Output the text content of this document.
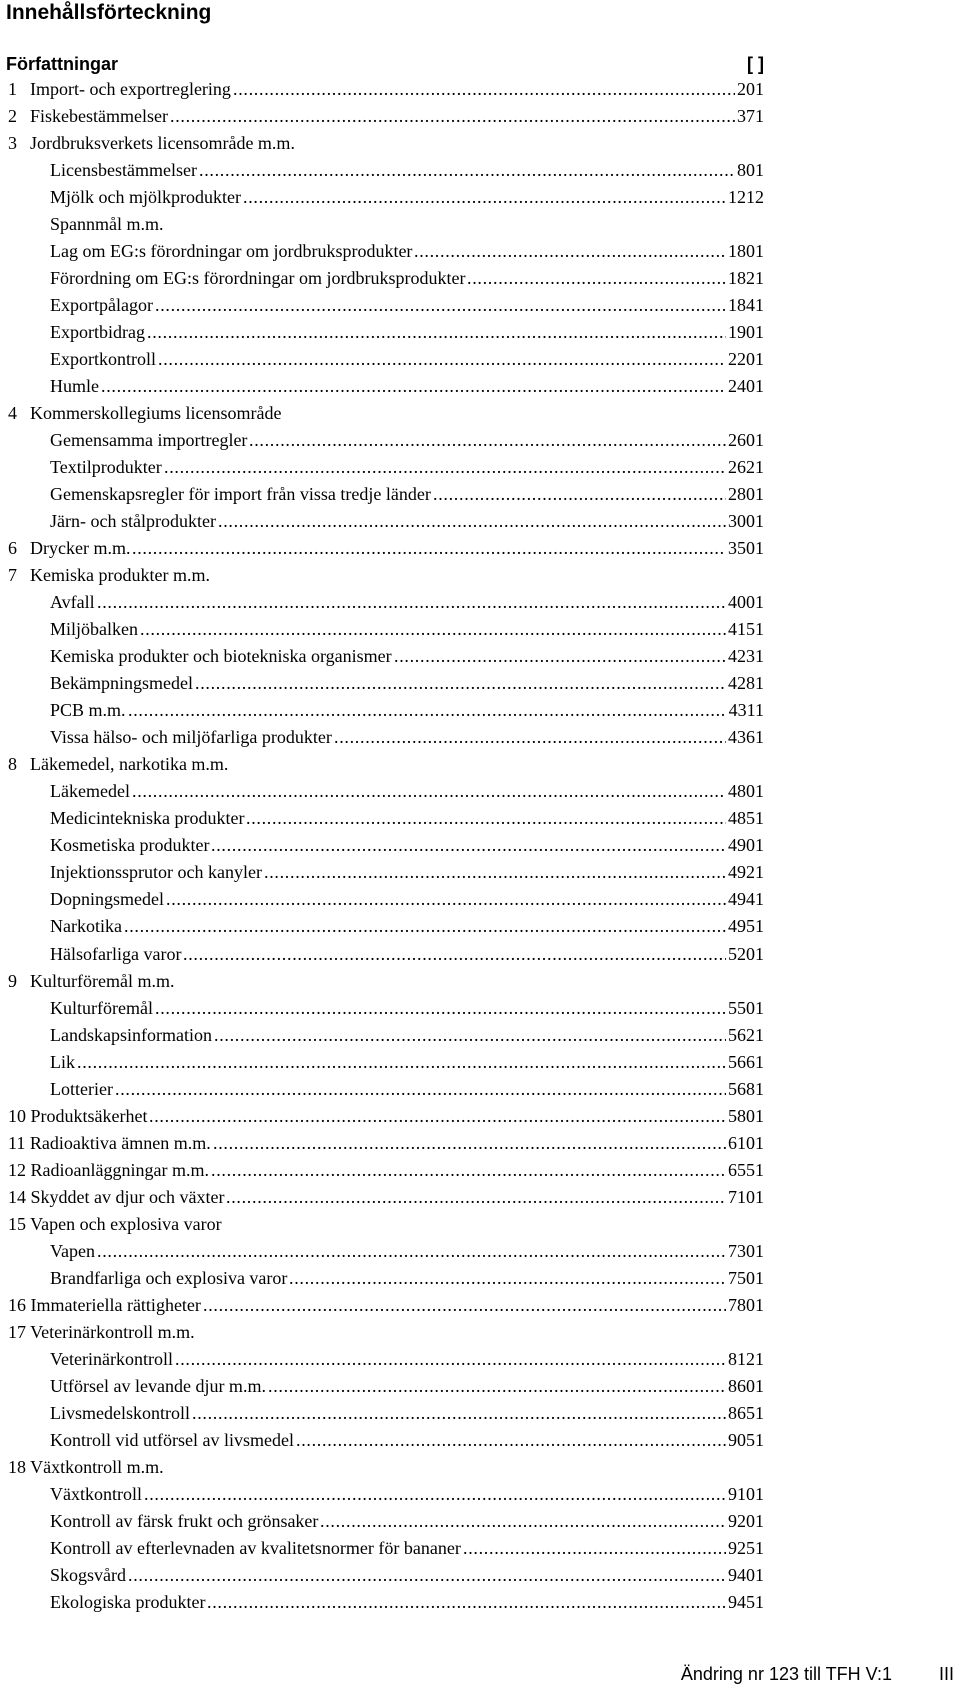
Innehållsförteckning
Författningar	[ ]
1 Import- och exportreglering . . .	201
2 Fiskebestämmelser . . .	371
3 Jordbruksverkets licensområde m.m.
Licensbestämmelser . . .	801
Mjölk och mjölkprodukter . . .	1212
Spannmål m.m.
Lag om EG:s förordningar om jordbruksprodukter . . .	1801
Förordning om EG:s förordningar om jordbruksprodukter . . .	1821
Exportpålagor . . .	1841
Exportbidrag . . .	1901
Exportkontroll . . .	2201
Humle . . .	2401
4 Kommerskollegiums licensområde
Gemensamma importregler . . .	2601
Textilprodukter . . .	2621
Gemenskapsregler för import från vissa tredje länder . . .	2801
Järn- och stålprodukter . . .	3001
6 Drycker m.m. . . .	3501
7 Kemiska produkter m.m.
Avfall . . .	4001
Miljöbalken . . .	4151
Kemiska produkter och biotekniska organismer . . .	4231
Bekämpningsmedel . . .	4281
PCB m.m. . . .	4311
Vissa hälso- och miljöfarliga produkter . . .	4361
8 Läkemedel, narkotika m.m.
Läkemedel . . .	4801
Medicintekniska produkter . . .	4851
Kosmetiska produkter . . .	4901
Injektionssprutor och kanyler . . .	4921
Dopningsmedel . . .	4941
Narkotika . . .	4951
Hälsofarliga varor . . .	5201
9 Kulturföremål m.m.
Kulturföremål . . .	5501
Landskapsinformation . . .	5621
Lik . . .	5661
Lotterier . . .	5681
10 Produktsäkerhet . . .	5801
11 Radioaktiva ämnen m.m. . . .	6101
12 Radioanläggningar m.m. . . .	6551
14 Skyddet av djur och växter . . .	7101
15 Vapen och explosiva varor
Vapen . . .	7301
Brandfarliga och explosiva varor . . .	7501
16 Immateriella rättigheter . . .	7801
17 Veterinärkontroll m.m.
Veterinärkontroll . . .	8121
Utförsel av levande djur m.m. . . .	8601
Livsmedelskontroll . . .	8651
Kontroll vid utförsel av livsmedel . . .	9051
18 Växtkontroll m.m.
Växtkontroll . . .	9101
Kontroll av färsk frukt och grönsaker . . .	9201
Kontroll av efterlevnaden av kvalitetsnormer för bananer . . .	9251
Skogsvård . . .	9401
Ekologiska produkter . . .	9451
Ändring nr 123 till TFH V:1	III
